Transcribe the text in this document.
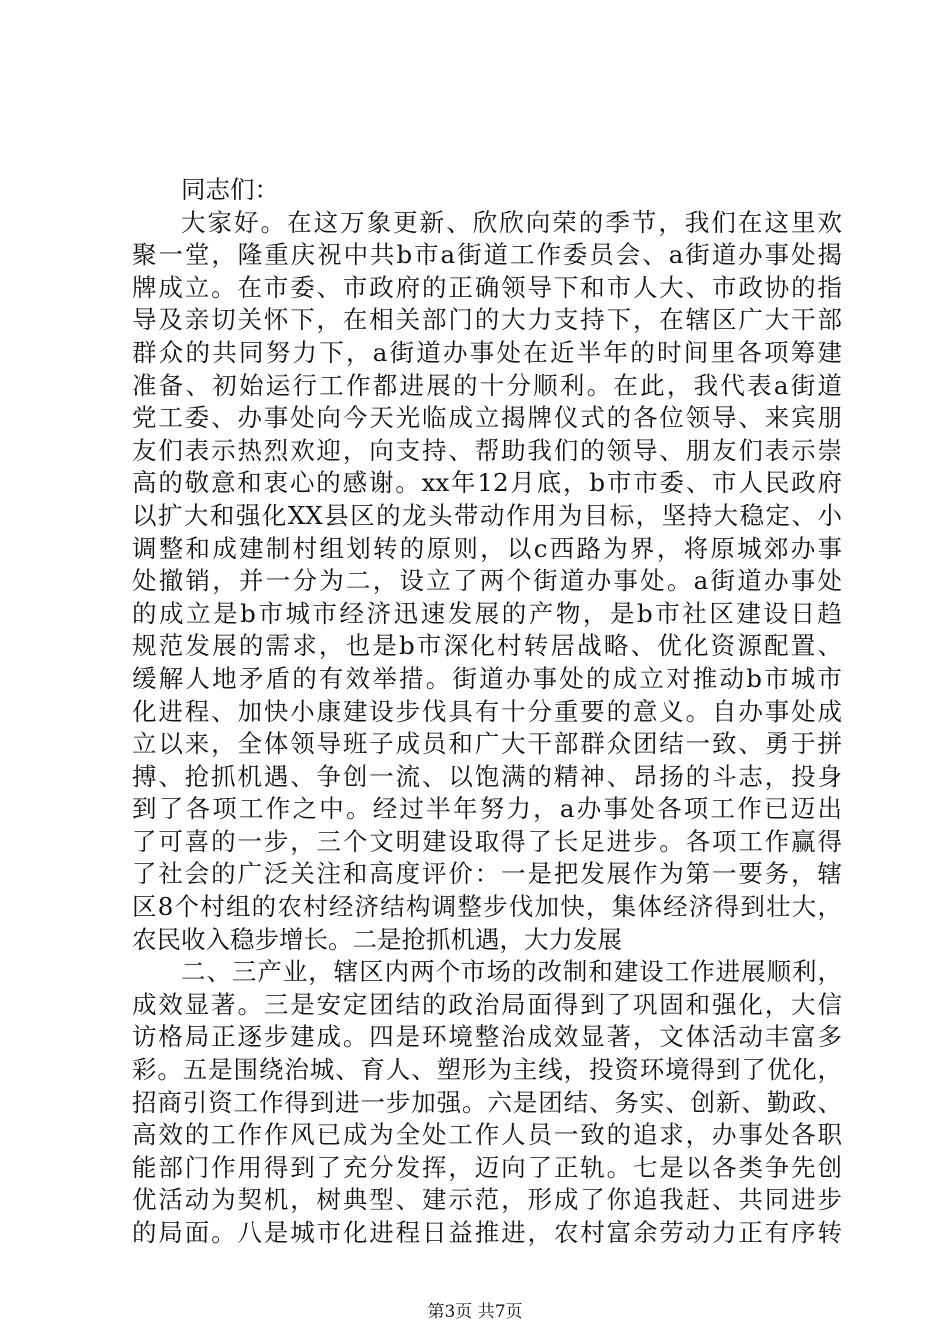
同志们：
大家好。在这万象更新、欣欣向荣的季节，我们在这里欢
聚一堂，隆重庆祝中共b市a街道工作委员会、a街道办事处揭
牌成立。在市委、市政府的正确领导下和市人大、市政协的指
导及亲切关怀下，在相关部门的大力支持下，在辖区广大干部
群众的共同努力下，a街道办事处在近半年的时间里各项筹建
准备、初始运行工作都进展的十分顺利。在此，我代表a街道
党工委、办事处向今天光临成立揭牌仪式的各位领导、来宾朋
友们表示热烈欢迎，向支持、帮助我们的领导、朋友们表示崇
高的敬意和衷心的感谢。xx年12月底，b市市委、市人民政府
以扩大和强化XX县区的龙头带动作用为目标，坚持大稳定、小
调整和成建制村组划转的原则，以c西路为界，将原城郊办事
处撤销，并一分为二，设立了两个街道办事处。a街道办事处
的成立是b市城市经济迅速发展的产物，是b市社区建设日趋
规范发展的需求，也是b市深化村转居战略、优化资源配置、
缓解人地矛盾的有效举措。街道办事处的成立对推动b市城市
化进程、加快小康建设步伐具有十分重要的意义。自办事处成
立以来，全体领导班子成员和广大干部群众团结一致、勇于拼
搏、抢抓机遇、争创一流、以饱满的精神、昂扬的斗志，投身
到了各项工作之中。经过半年努力，a办事处各项工作已迈出
了可喜的一步，三个文明建设取得了长足进步。各项工作赢得
了社会的广泛关注和高度评价：一是把发展作为第一要务，辖
区8个村组的农村经济结构调整步伐加快，集体经济得到壮大，
农民收入稳步增长。二是抢抓机遇，大力发展
二、三产业，辖区内两个市场的改制和建设工作进展顺利，
成效显著。三是安定团结的政治局面得到了巩固和强化，大信
访格局正逐步建成。四是环境整治成效显著，文体活动丰富多
彩。五是围绕治城、育人、塑形为主线，投资环境得到了优化，
招商引资工作得到进一步加强。六是团结、务实、创新、勤政、
高效的工作作风已成为全处工作人员一致的追求，办事处各职
能部门作用得到了充分发挥，迈向了正轨。七是以各类争先创
优活动为契机，树典型、建示范，形成了你追我赶、共同进步
的局面。八是城市化进程日益推进，农村富余劳动力正有序转
第3页 共7页
